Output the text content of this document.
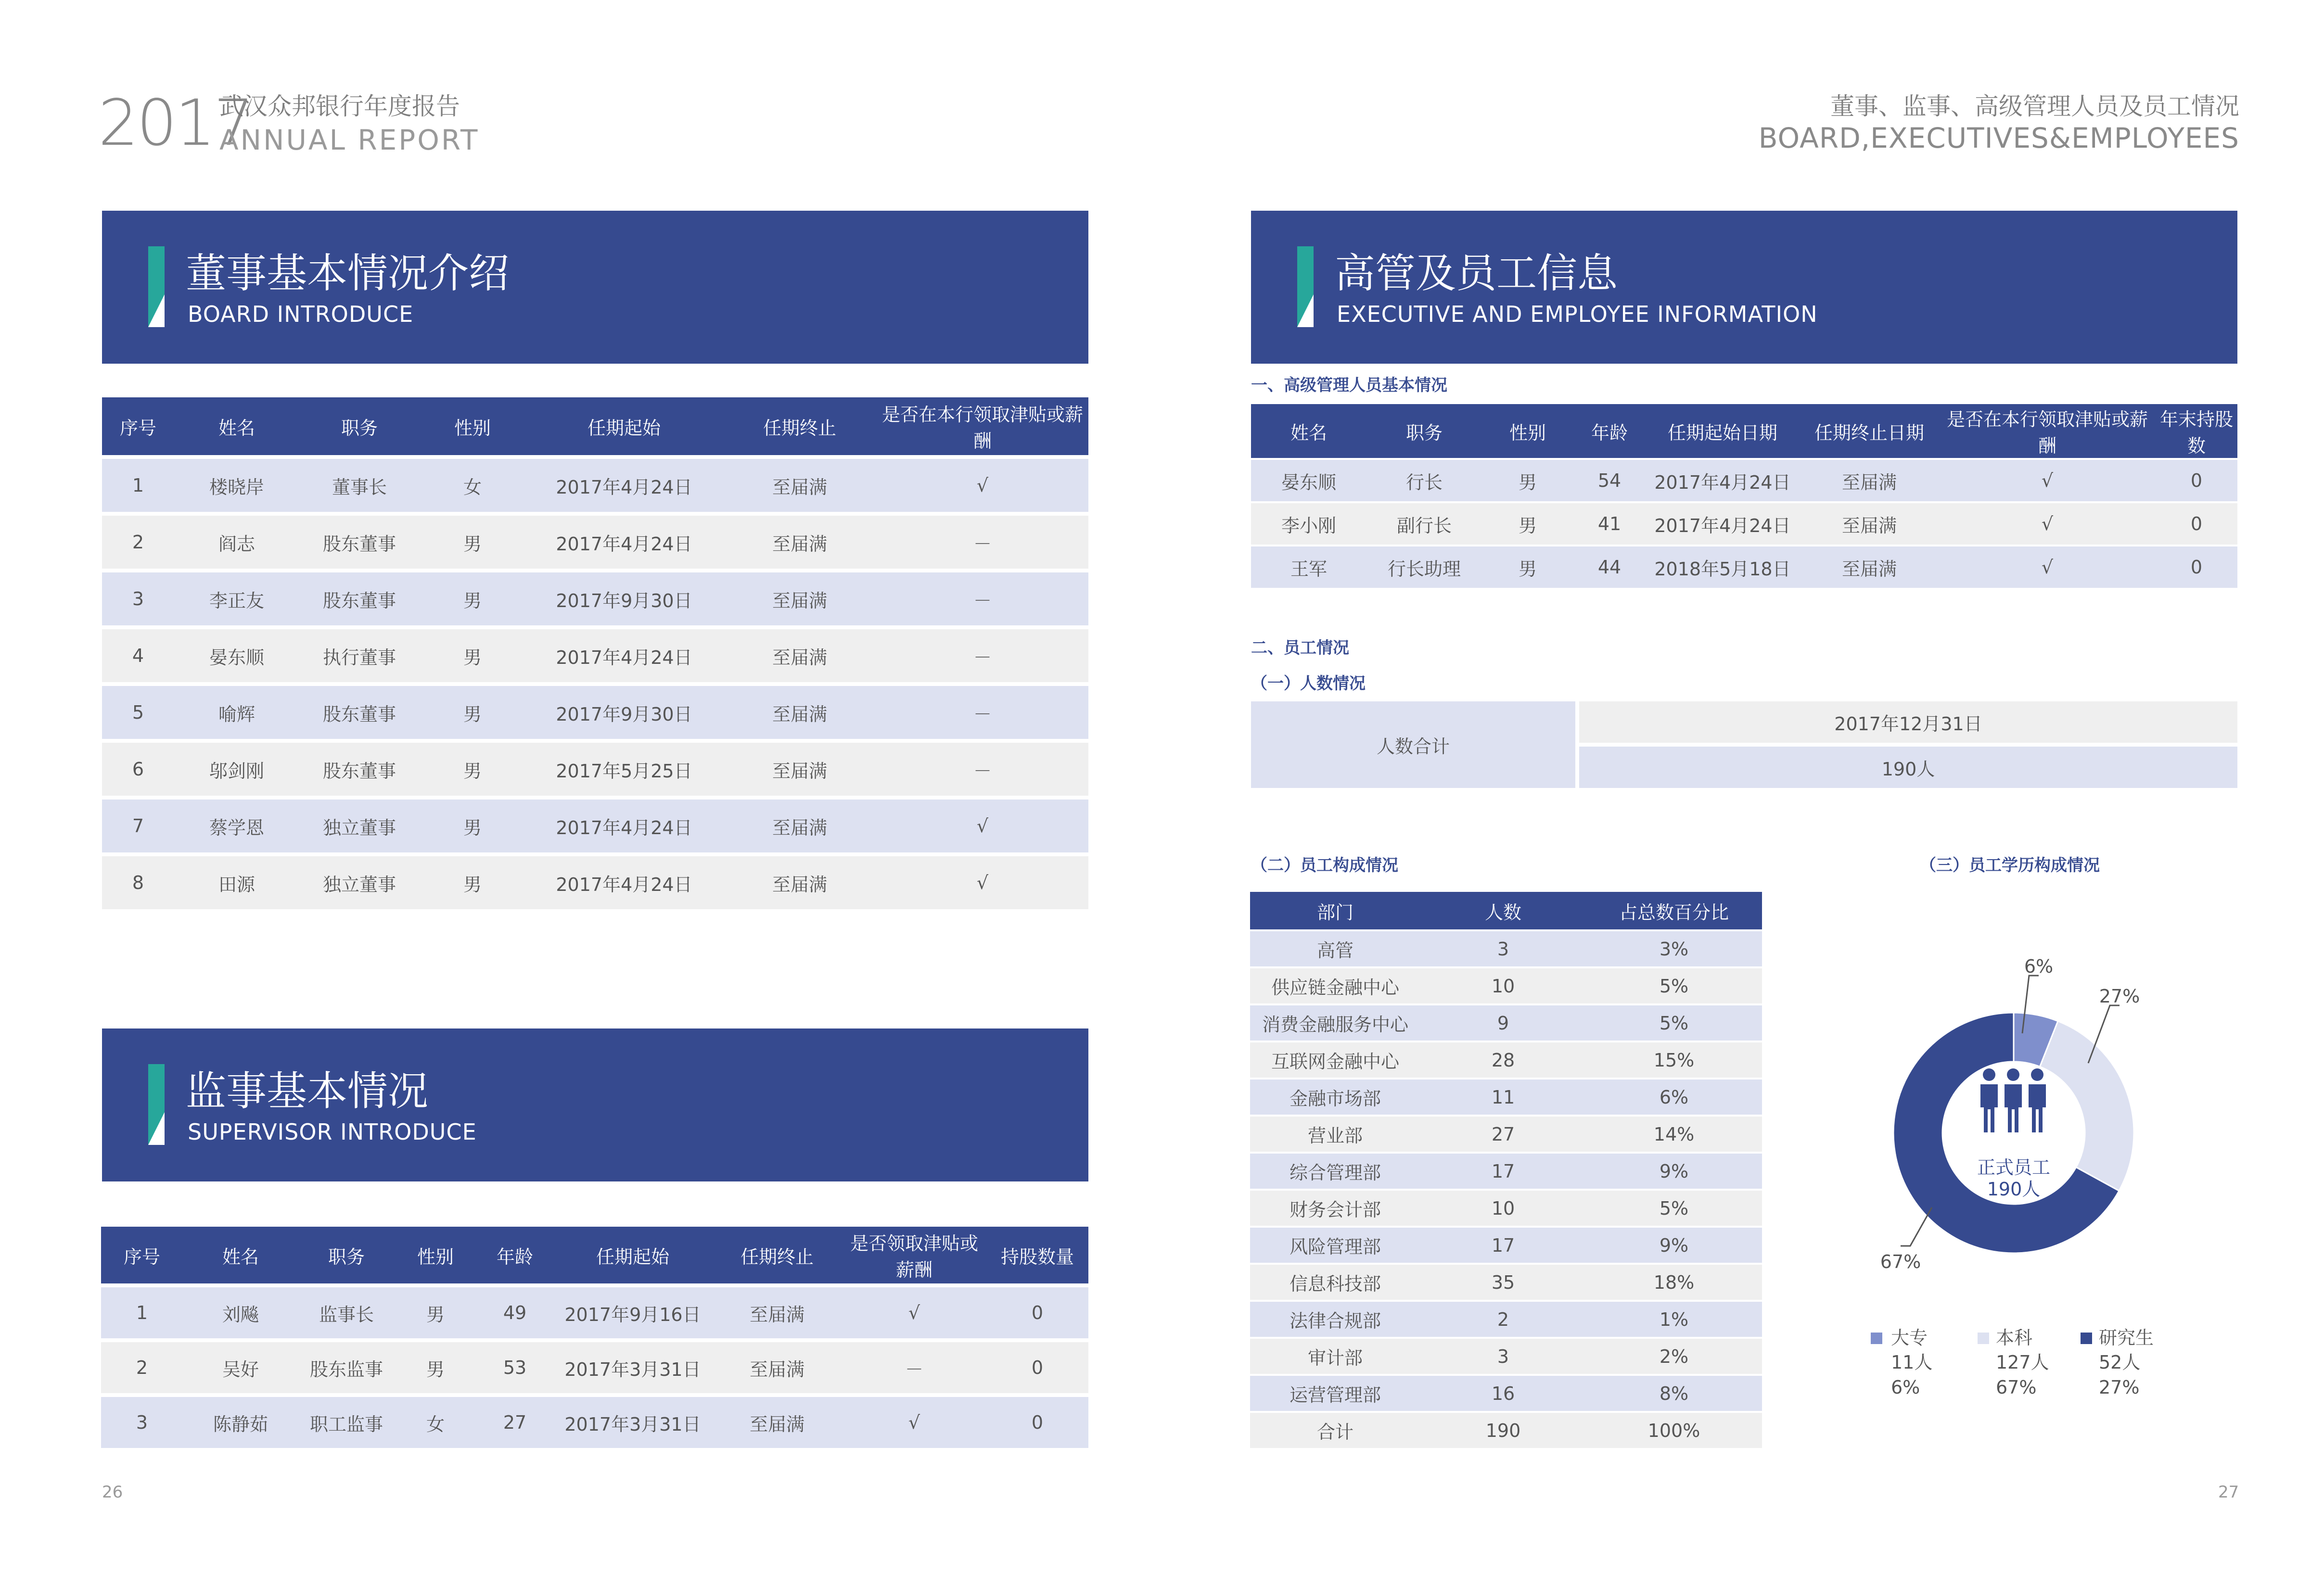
2017
武汉众邦银行年度报告
ANNUAL REPORT
董事、监事、高级管理人员及员工情况
BOARD,EXECUTIVES&EMPLOYEES
董事基本情况介绍
BOARD INTRODUCE
序号	姓名	职务	性别	任期起始	任期终止	是否在本行领取津贴或薪酬
1	楼晓岸	董事长	女	2017年4月24日	至届满	√
2	阎志	股东董事	男	2017年4月24日	至届满	－
3	李正友	股东董事	男	2017年9月30日	至届满	－
4	晏东顺	执行董事	男	2017年4月24日	至届满	－
5	喻辉	股东董事	男	2017年9月30日	至届满	－
6	邬剑刚	股东董事	男	2017年5月25日	至届满	－
7	蔡学恩	独立董事	男	2017年4月24日	至届满	√
8	田源	独立董事	男	2017年4月24日	至届满	√
监事基本情况
SUPERVISOR INTRODUCE
序号	姓名	职务	性别	年龄	任期起始	任期终止	是否领取津贴或薪酬	持股数量
1	刘飚	监事长	男	49	2017年9月16日	至届满	√	0
2	吴好	股东监事	男	53	2017年3月31日	至届满	－	0
3	陈静茹	职工监事	女	27	2017年3月31日	至届满	√	0
26
高管及员工信息
EXECUTIVE AND EMPLOYEE INFORMATION
一、高级管理人员基本情况
姓名	职务	性别	年龄	任期起始日期	任期终止日期	是否在本行领取津贴或薪酬	年末持股数
晏东顺	行长	男	54	2017年4月24日	至届满	√	0
李小刚	副行长	男	41	2017年4月24日	至届满	√	0
王军	行长助理	男	44	2018年5月18日	至届满	√	0
二、员工情况
（一）人数情况
人数合计
2017年12月31日
190人
（二）员工构成情况
部门	人数	占总数百分比
高管	3	3%
供应链金融中心	10	5%
消费金融服务中心	9	5%
互联网金融中心	28	15%
金融市场部	11	6%
营业部	27	14%
综合管理部	17	9%
财务会计部	10	5%
风险管理部	17	9%
信息科技部	35	18%
法律合规部	2	1%
审计部	3	2%
运营管理部	16	8%
合计	190	100%
（三）员工学历构成情况
正式员工
190人
6%
27%
67%
大专
11人
6%
本科
127人
67%
研究生
52人
27%
27
